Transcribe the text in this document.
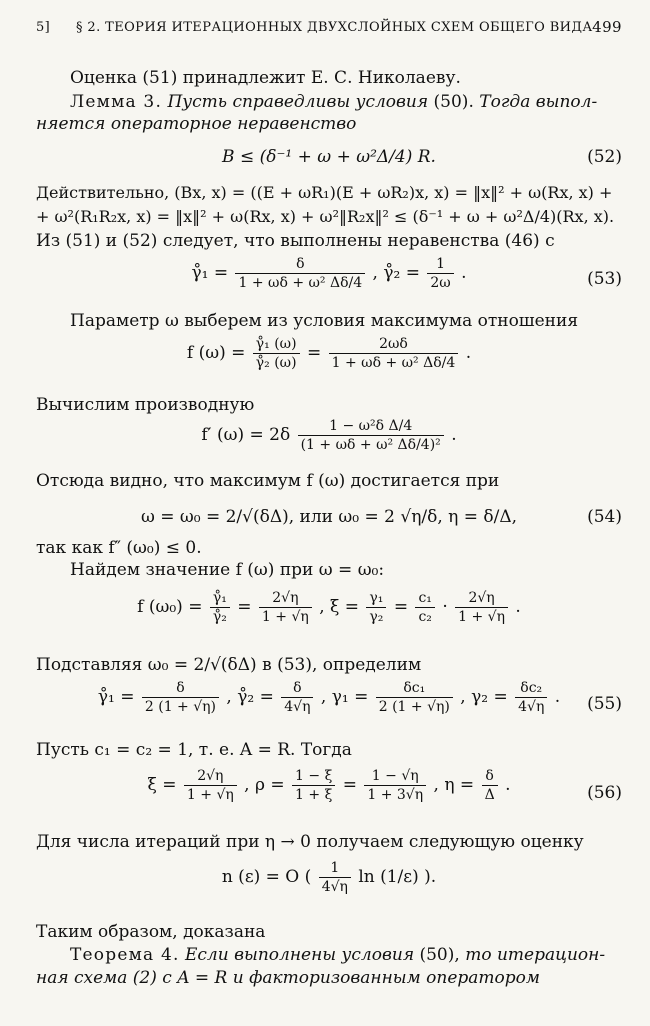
5] § 2. ТЕОРИЯ ИТЕРАЦИОННЫХ ДВУХСЛОЙНЫХ СХЕМ ОБЩЕГО ВИДА 499
Оценка (51) принадлежит Е. С. Николаеву.
Лемма 3. Пусть справедливы условия (50). Тогда выпол-
няется операторное неравенство
B ≤ (δ⁻¹ + ω + ω²Δ/4) R.	(52)
Действительно, (Bx, x) = ((E + ωR₁)(E + ωR₂)x, x) = ‖x‖² + ω(Rx, x) +
+ ω²(R₁R₂x, x) = ‖x‖² + ω(Rx, x) + ω²‖R₂x‖² ≤ (δ⁻¹ + ω + ω²Δ/4)(Rx, x).
Из (51) и (52) следует, что выполнены неравенства (46) с
γ̊₁ = $\frac{\delta}{\text{1 + ωδ + ω² Δδ/4}}$ , γ̊₂ = $\frac{1}{2\omega}$ .	(53)
Параметр ω выберем из условия максимума отношения
f $(\omega) = \frac{\text{γ̊₁ (ω)}}{\text{γ̊₂ (ω)}} = \frac{2\omega\delta}{\text{1 + ωδ + ω² Δδ/4}}$ .
Вычислим производную
f′ $(\omega) = 2\delta \frac{\text{1 − ω²δ Δ/4}}{\text{(1 + ωδ + ω² Δδ/4)²}}$ .
Отсюда видно, что максимум f (ω) достигается при
ω = ω₀ = 2/√(δΔ), или ω₀ = 2 √η/δ, η = δ/Δ,	(54)
так как f″ (ω₀) ≤ 0.
Найдем значение f (ω) при ω = ω₀:
f $(\omega_0) = \frac{\text{γ̊₁}}{\text{γ̊₂}} = \frac{2√\eta}{1 + √\eta}$ , $\xi = \frac{\text{γ₁}}{\text{γ₂}} = \frac{\text{c₁}}{\text{c₂}} \cdot \frac{2√\eta}{1 + √\eta}$ .
Подставляя ω₀ = 2/√(δΔ) в (53), определим
γ̊₁ = $\frac{\delta}{2 (1 + √\eta)}$ , γ̊₂ = $\frac{\delta}{4√\eta}$ , $\gamma_1 = \frac{\text{δc₁}}{2 (1 + √\eta)}$ , $\gamma_2 = \frac{\text{δc₂}}{4√\eta}$ . (55)
Пусть c₁ = c₂ = 1, т. е. A = R. Тогда
$\xi = \frac{2√\eta}{1 + √\eta}$ , $\rho = \frac{1 - \xi}{1 + \xi} = \frac{1 - √\eta}{1 + 3√\eta}$ , $\eta = \frac{\delta}{\Delta}$ .	(56)
Для числа итераций при η → 0 получаем следующую оценку
n (ε) = O ( $\frac{1}{4√\eta}$ ln (1/ε) ).
Таким образом, доказана
Теорема 4. Если выполнены условия (50), то итерацион-
ная схема (2) с A = R и факторизованным оператором
